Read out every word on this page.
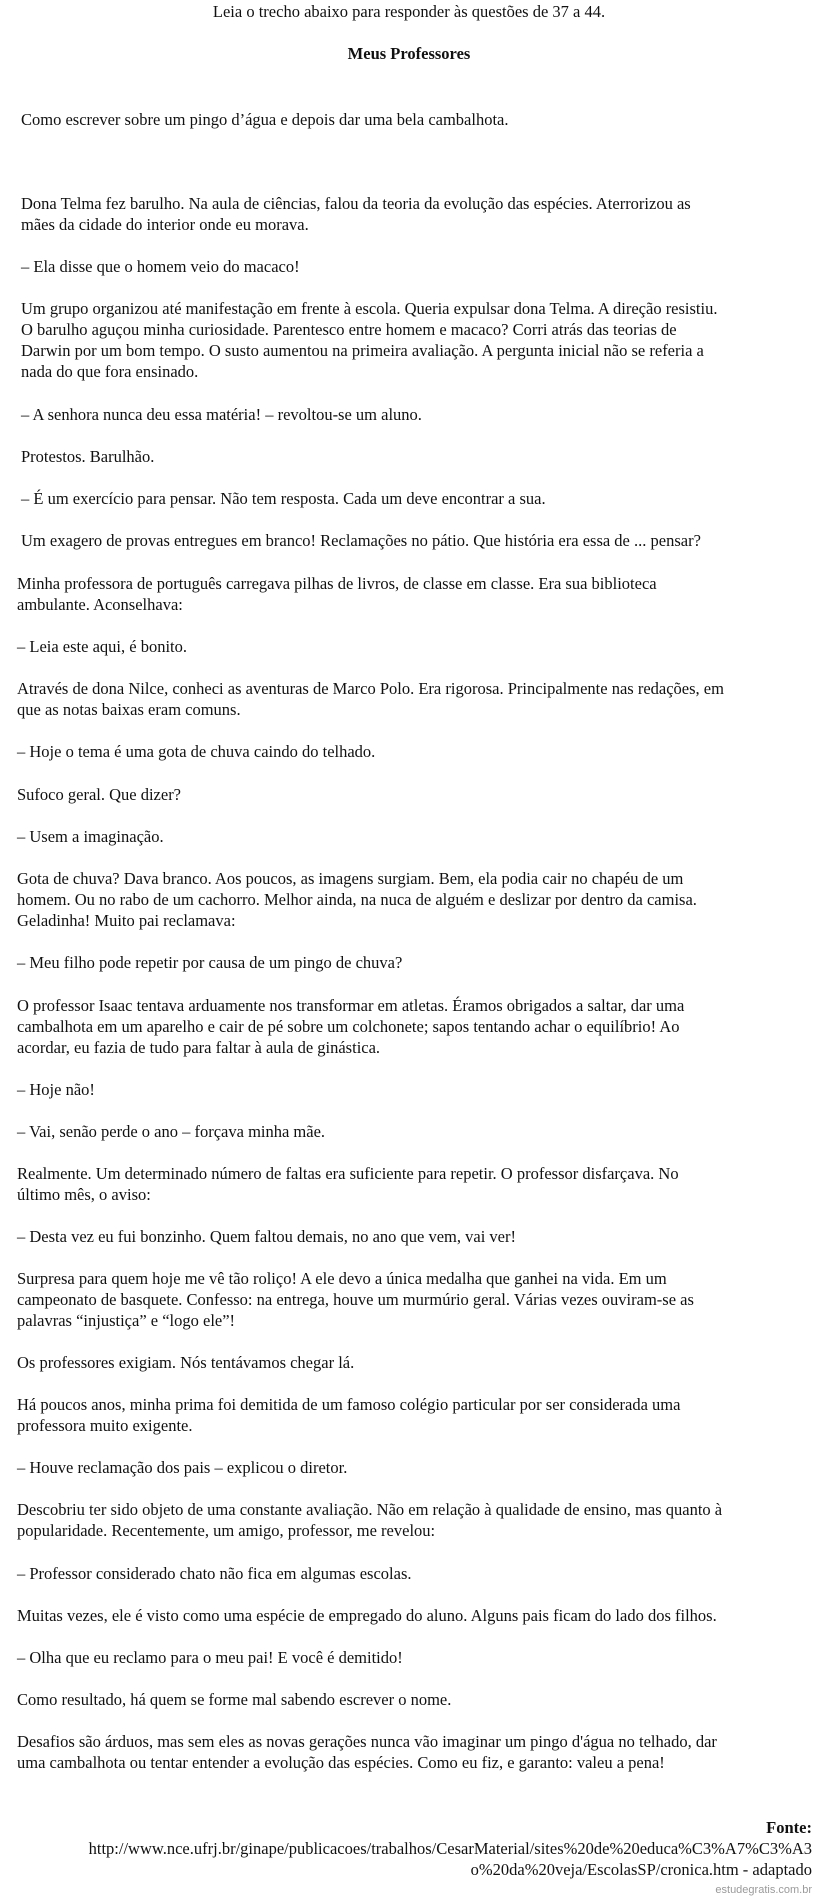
Leia o trecho abaixo para responder às questões de 37 a 44.
Meus Professores
Como escrever sobre um pingo d’água e depois dar uma bela cambalhota.
Dona Telma fez barulho. Na aula de ciências, falou da teoria da evolução das espécies. Aterrorizou as
mães da cidade do interior onde eu morava.
– Ela disse que o homem veio do macaco!
Um grupo organizou até manifestação em frente à escola. Queria expulsar dona Telma. A direção resistiu.
O barulho aguçou minha curiosidade. Parentesco entre homem e macaco? Corri atrás das teorias de
Darwin por um bom tempo. O susto aumentou na primeira avaliação. A pergunta inicial não se referia a
nada do que fora ensinado.
– A senhora nunca deu essa matéria! – revoltou-se um aluno.
Protestos. Barulhão.
– É um exercício para pensar. Não tem resposta. Cada um deve encontrar a sua.
Um exagero de provas entregues em branco! Reclamações no pátio. Que história era essa de ... pensar?
Minha professora de português carregava pilhas de livros, de classe em classe. Era sua biblioteca
ambulante. Aconselhava:
– Leia este aqui, é bonito.
Através de dona Nilce, conheci as aventuras de Marco Polo. Era rigorosa. Principalmente nas redações, em
que as notas baixas eram comuns.
– Hoje o tema é uma gota de chuva caindo do telhado.
Sufoco geral. Que dizer?
– Usem a imaginação.
Gota de chuva? Dava branco. Aos poucos, as imagens surgiam. Bem, ela podia cair no chapéu de um
homem. Ou no rabo de um cachorro. Melhor ainda, na nuca de alguém e deslizar por dentro da camisa.
Geladinha! Muito pai reclamava:
– Meu filho pode repetir por causa de um pingo de chuva?
O professor Isaac tentava arduamente nos transformar em atletas. Éramos obrigados a saltar, dar uma
cambalhota em um aparelho e cair de pé sobre um colchonete; sapos tentando achar o equilíbrio! Ao
acordar, eu fazia de tudo para faltar à aula de ginástica.
– Hoje não!
– Vai, senão perde o ano – forçava minha mãe.
Realmente. Um determinado número de faltas era suficiente para repetir. O professor disfarçava. No
último mês, o aviso:
– Desta vez eu fui bonzinho. Quem faltou demais, no ano que vem, vai ver!
Surpresa para quem hoje me vê tão roliço! A ele devo a única medalha que ganhei na vida. Em um
campeonato de basquete. Confesso: na entrega, houve um murmúrio geral. Várias vezes ouviram-se as
palavras “injustiça” e “logo ele”!
Os professores exigiam. Nós tentávamos chegar lá.
Há poucos anos, minha prima foi demitida de um famoso colégio particular por ser considerada uma
professora muito exigente.
– Houve reclamação dos pais – explicou o diretor.
Descobriu ter sido objeto de uma constante avaliação. Não em relação à qualidade de ensino, mas quanto à
popularidade. Recentemente, um amigo, professor, me revelou:
– Professor considerado chato não fica em algumas escolas.
Muitas vezes, ele é visto como uma espécie de empregado do aluno. Alguns pais ficam do lado dos filhos.
– Olha que eu reclamo para o meu pai! E você é demitido!
Como resultado, há quem se forme mal sabendo escrever o nome.
Desafios são árduos, mas sem eles as novas gerações nunca vão imaginar um pingo d'água no telhado, dar
uma cambalhota ou tentar entender a evolução das espécies. Como eu fiz, e garanto: valeu a pena!
Fonte:
http://www.nce.ufrj.br/ginape/publicacoes/trabalhos/CesarMaterial/sites%20de%20educa%C3%A7%C3%A3
o%20da%20veja/EscolasSP/cronica.htm - adaptado
estudegratis.com.br
